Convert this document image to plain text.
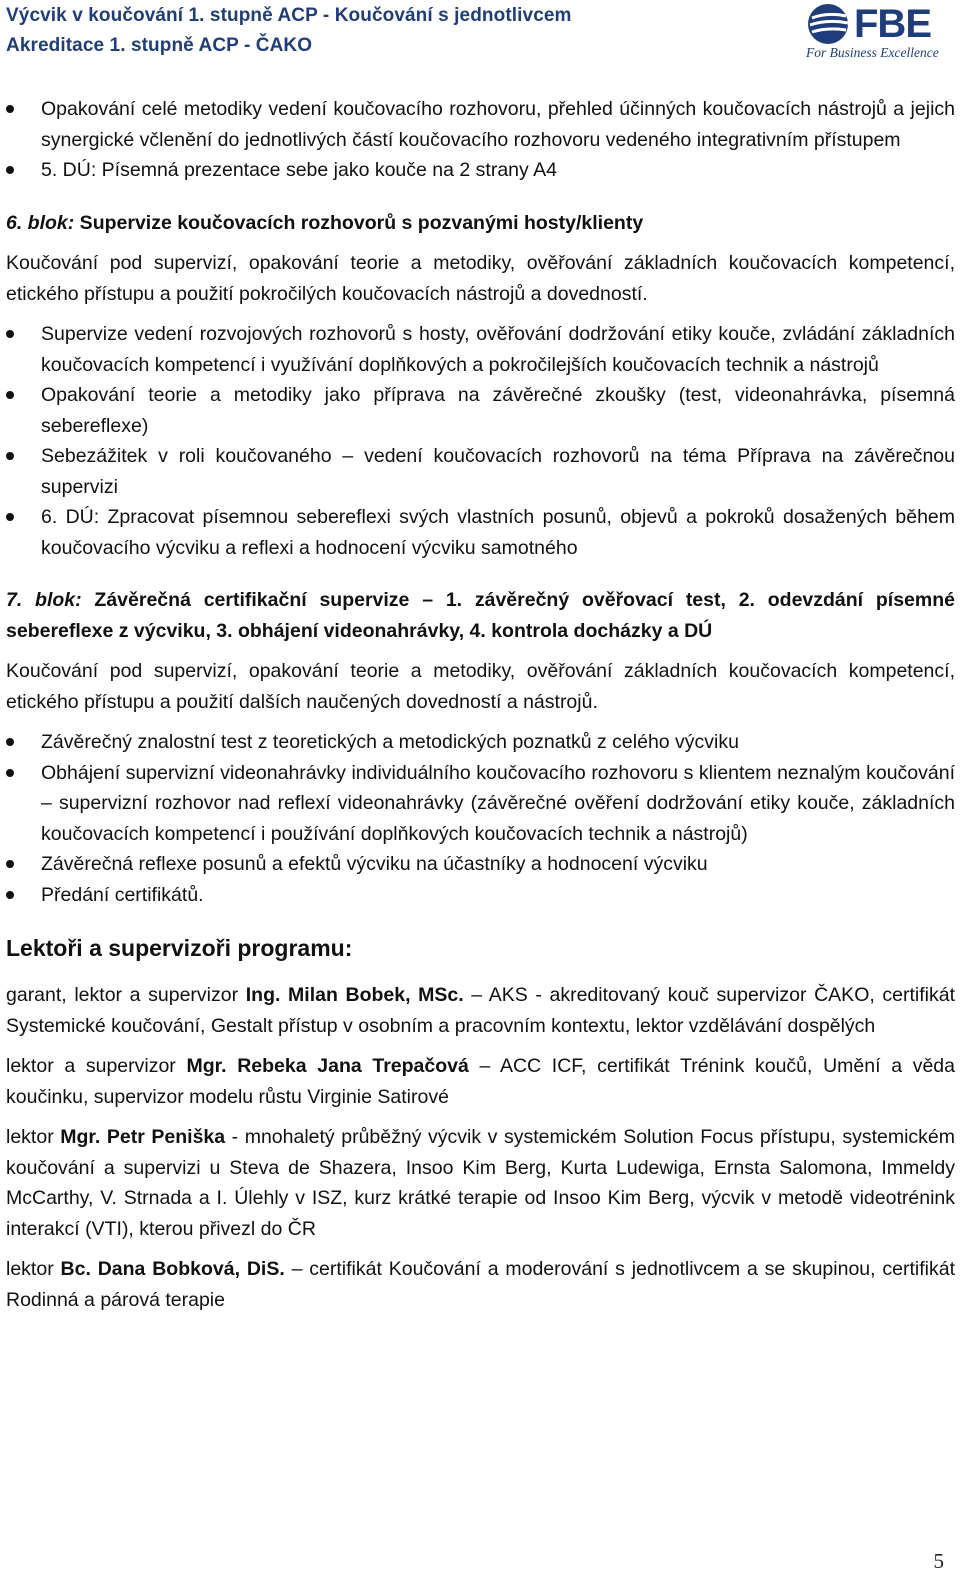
Výcvik v koučování 1. stupně ACP - Koučování s jednotlivcem
Akreditace 1. stupně ACP - ČAKO	FBE
For Business Excellence
Opakování celé metodiky vedení koučovacího rozhovoru, přehled účinných koučovacích nástrojů a jejich synergické včlenění do jednotlivých částí koučovacího rozhovoru vedeného integrativním přístupem
5. DÚ: Písemná prezentace sebe jako kouče na 2 strany A4

6. blok: Supervize koučovacích rozhovorů s pozvanými hosty/klienty

Koučování pod supervizí, opakování teorie a metodiky, ověřování základních koučovacích kompetencí, etického přístupu a použití pokročilých koučovacích nástrojů a dovedností.

Supervize vedení rozvojových rozhovorů s hosty, ověřování dodržování etiky kouče, zvládání základních koučovacích kompetencí i využívání doplňkových a pokročilejších koučovacích technik a nástrojů
Opakování teorie a metodiky jako příprava na závěrečné zkoušky (test, videonahrávka, písemná sebereflexe)
Sebezážitek v roli koučovaného – vedení koučovacích rozhovorů na téma Příprava na závěrečnou supervizi
6. DÚ: Zpracovat písemnou sebereflexi svých vlastních posunů, objevů a pokroků dosažených během koučovacího výcviku a reflexi a hodnocení výcviku samotného

7. blok: Závěrečná certifikační supervize – 1. závěrečný ověřovací test, 2. odevzdání písemné sebereflexe z výcviku, 3. obhájení videonahrávky, 4. kontrola docházky a DÚ

Koučování pod supervizí, opakování teorie a metodiky, ověřování základních koučovacích kompetencí, etického přístupu a použití dalších naučených dovedností a nástrojů.

Závěrečný znalostní test z teoretických a metodických poznatků z celého výcviku
Obhájení supervizní videonahrávky individuálního koučovacího rozhovoru s klientem neznalým koučování – supervizní rozhovor nad reflexí videonahrávky (závěrečné ověření dodržování etiky kouče, základních koučovacích kompetencí i používání doplňkových koučovacích technik a nástrojů)
Závěrečná reflexe posunů a efektů výcviku na účastníky a hodnocení výcviku
Předání certifikátů.

Lektoři a supervizoři programu:

garant, lektor a supervizor Ing. Milan Bobek, MSc. – AKS - akreditovaný kouč supervizor ČAKO, certifikát Systemické koučování, Gestalt přístup v osobním a pracovním kontextu, lektor vzdělávání dospělých

lektor a supervizor Mgr. Rebeka Jana Trepačová – ACC ICF, certifikát Trénink koučů, Umění a věda koučinku, supervizor modelu růstu Virginie Satirové

lektor Mgr. Petr Peniška - mnohaletý průběžný výcvik v systemickém Solution Focus přístupu, systemickém koučování a supervizi u Steva de Shazera, Insoo Kim Berg, Kurta Ludewiga, Ernsta Salomona, Immeldy McCarthy, V. Strnada a I. Úlehly v ISZ, kurz krátké terapie od Insoo Kim Berg, výcvik v metodě videotrénink interakcí (VTI), kterou přivezl do ČR

lektor Bc. Dana Bobková, DiS. – certifikát Koučování a moderování s jednotlivcem a se skupinou, certifikát Rodinná a párová terapie

5
